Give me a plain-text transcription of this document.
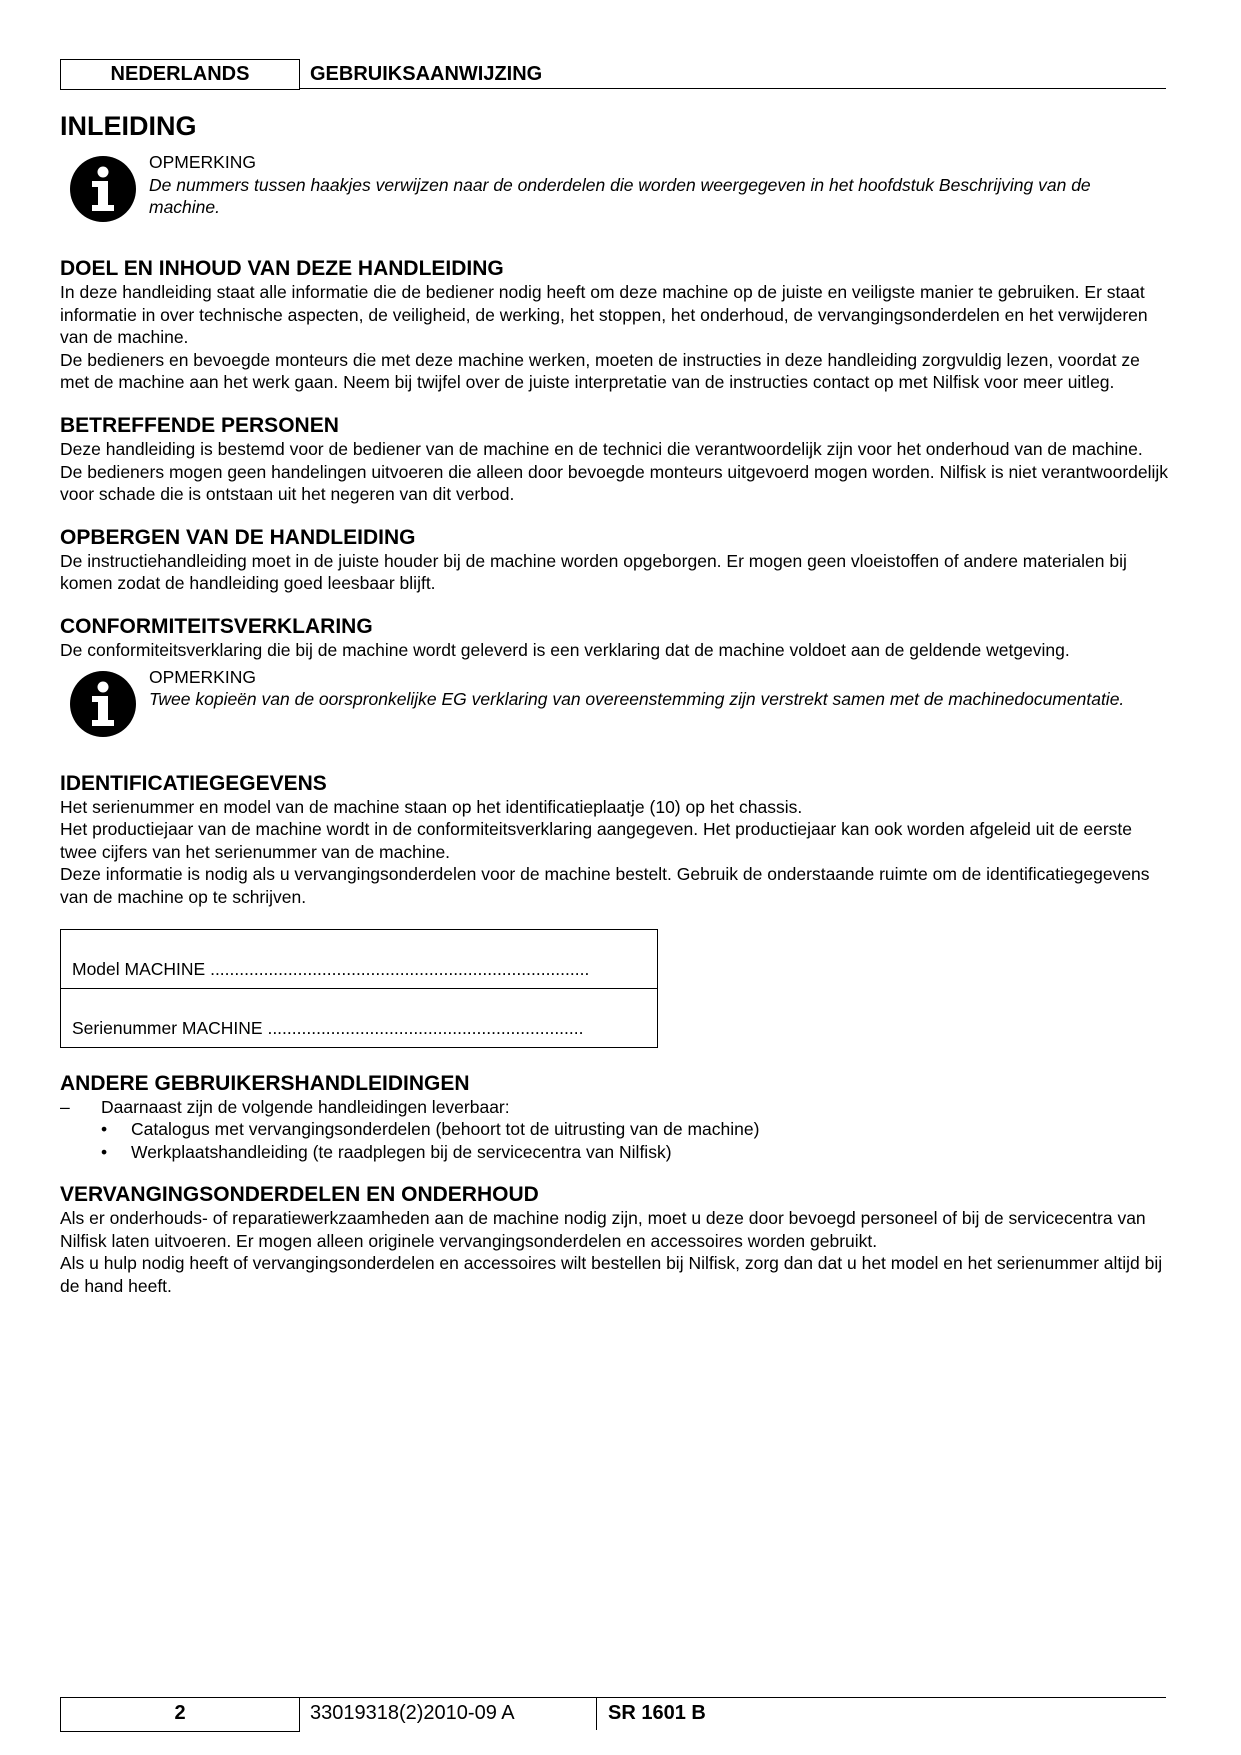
NEDERLANDS	GEBRUIKSAANWIJZING
INLEIDING
OPMERKING
De nummers tussen haakjes verwijzen naar de onderdelen die worden weergegeven in het hoofdstuk Beschrijving van de machine.
DOEL EN INHOUD VAN DEZE HANDLEIDING

In deze handleiding staat alle informatie die de bediener nodig heeft om deze machine op de juiste en veiligste manier te gebruiken. Er staat informatie in over technische aspecten, de veiligheid, de werking, het stoppen, het onderhoud, de vervangingsonderdelen en het verwijderen van de machine.

De bedieners en bevoegde monteurs die met deze machine werken, moeten de instructies in deze handleiding zorgvuldig lezen, voordat ze met de machine aan het werk gaan. Neem bij twijfel over de juiste interpretatie van de instructies contact op met Nilfisk voor meer uitleg.

BETREFFENDE PERSONEN

Deze handleiding is bestemd voor de bediener van de machine en de technici die verantwoordelijk zijn voor het onderhoud van de machine.

De bedieners mogen geen handelingen uitvoeren die alleen door bevoegde monteurs uitgevoerd mogen worden. Nilfisk is niet verantwoordelijk voor schade die is ontstaan uit het negeren van dit verbod.

OPBERGEN VAN DE HANDLEIDING

De instructiehandleiding moet in de juiste houder bij de machine worden opgeborgen. Er mogen geen vloeistoffen of andere materialen bij komen zodat de handleiding goed leesbaar blijft.

CONFORMITEITSVERKLARING

De conformiteitsverklaring die bij de machine wordt geleverd is een verklaring dat de machine voldoet aan de geldende wetgeving.

OPMERKING
Twee kopieën van de oorspronkelijke EG verklaring van overeenstemming zijn verstrekt samen met de machinedocumentatie.
IDENTIFICATIEGEGEVENS

Het serienummer en model van de machine staan op het identificatieplaatje (10) op het chassis.

Het productiejaar van de machine wordt in de conformiteitsverklaring aangegeven. Het productiejaar kan ook worden afgeleid uit de eerste twee cijfers van het serienummer van de machine.

Deze informatie is nodig als u vervangingsonderdelen voor de machine bestelt. Gebruik de onderstaande ruimte om de identificatiegegevens van de machine op te schrijven.

Model MACHINE ..............................................................................
Serienummer MACHINE .................................................................
ANDERE GEBRUIKERSHANDLEIDINGEN
– Daarnaast zijn de volgende handleidingen leverbaar:
• Catalogus met vervangingsonderdelen (behoort tot de uitrusting van de machine)
• Werkplaatshandleiding (te raadplegen bij de servicecentra van Nilfisk)
VERVANGINGSONDERDELEN EN ONDERHOUD

Als er onderhouds- of reparatiewerkzaamheden aan de machine nodig zijn, moet u deze door bevoegd personeel of bij de servicecentra van Nilfisk laten uitvoeren. Er mogen alleen originele vervangingsonderdelen en accessoires worden gebruikt.

Als u hulp nodig heeft of vervangingsonderdelen en accessoires wilt bestellen bij Nilfisk, zorg dan dat u het model en het serienummer altijd bij de hand heeft.

2	33019318(2)2010-09 A	SR 1601 B
